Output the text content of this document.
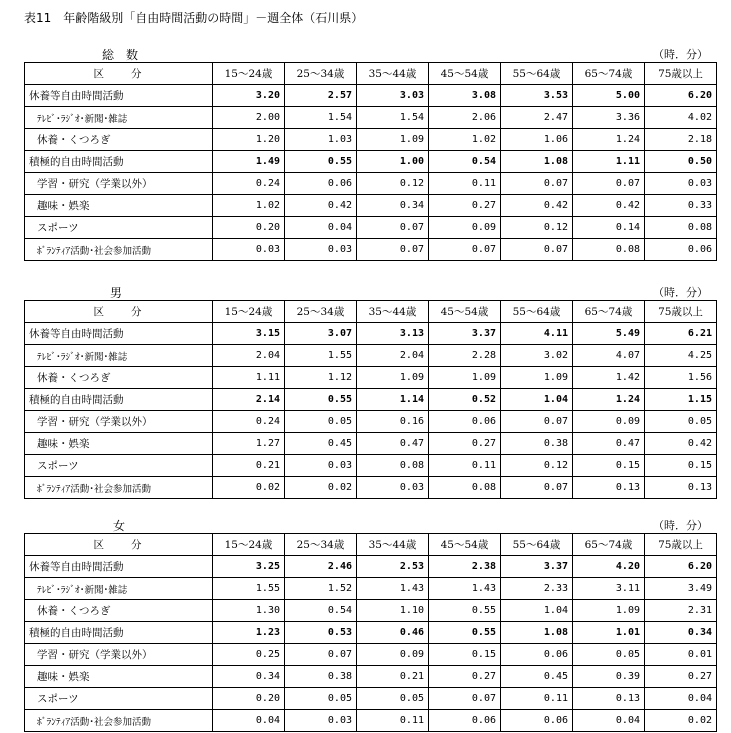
表11　年齢階級別「自由時間活動の時間」－週全体（石川県）
総　数	（時．分）
区　　分	15～24歳	25～34歳	35～44歳	45～54歳	55～64歳	65～74歳	75歳以上
休養等自由時間活動	3.20	2.57	3.03	3.08	3.53	5.00	6.20
ﾃﾚﾋﾞ･ﾗｼﾞｵ･新聞･雑誌	2.00	1.54	1.54	2.06	2.47	3.36	4.02
休養・くつろぎ	1.20	1.03	1.09	1.02	1.06	1.24	2.18
積極的自由時間活動	1.49	0.55	1.00	0.54	1.08	1.11	0.50
学習・研究（学業以外）	0.24	0.06	0.12	0.11	0.07	0.07	0.03
趣味・娯楽	1.02	0.42	0.34	0.27	0.42	0.42	0.33
スポーツ	0.20	0.04	0.07	0.09	0.12	0.14	0.08
ﾎﾞﾗﾝﾃｨｱ活動･社会参加活動	0.03	0.03	0.07	0.07	0.07	0.08	0.06
男	（時．分）
区　　分	15～24歳	25～34歳	35～44歳	45～54歳	55～64歳	65～74歳	75歳以上
休養等自由時間活動	3.15	3.07	3.13	3.37	4.11	5.49	6.21
ﾃﾚﾋﾞ･ﾗｼﾞｵ･新聞･雑誌	2.04	1.55	2.04	2.28	3.02	4.07	4.25
休養・くつろぎ	1.11	1.12	1.09	1.09	1.09	1.42	1.56
積極的自由時間活動	2.14	0.55	1.14	0.52	1.04	1.24	1.15
学習・研究（学業以外）	0.24	0.05	0.16	0.06	0.07	0.09	0.05
趣味・娯楽	1.27	0.45	0.47	0.27	0.38	0.47	0.42
スポーツ	0.21	0.03	0.08	0.11	0.12	0.15	0.15
ﾎﾞﾗﾝﾃｨｱ活動･社会参加活動	0.02	0.02	0.03	0.08	0.07	0.13	0.13
女	（時．分）
区　　分	15～24歳	25～34歳	35～44歳	45～54歳	55～64歳	65～74歳	75歳以上
休養等自由時間活動	3.25	2.46	2.53	2.38	3.37	4.20	6.20
ﾃﾚﾋﾞ･ﾗｼﾞｵ･新聞･雑誌	1.55	1.52	1.43	1.43	2.33	3.11	3.49
休養・くつろぎ	1.30	0.54	1.10	0.55	1.04	1.09	2.31
積極的自由時間活動	1.23	0.53	0.46	0.55	1.08	1.01	0.34
学習・研究（学業以外）	0.25	0.07	0.09	0.15	0.06	0.05	0.01
趣味・娯楽	0.34	0.38	0.21	0.27	0.45	0.39	0.27
スポーツ	0.20	0.05	0.05	0.07	0.11	0.13	0.04
ﾎﾞﾗﾝﾃｨｱ活動･社会参加活動	0.04	0.03	0.11	0.06	0.06	0.04	0.02
